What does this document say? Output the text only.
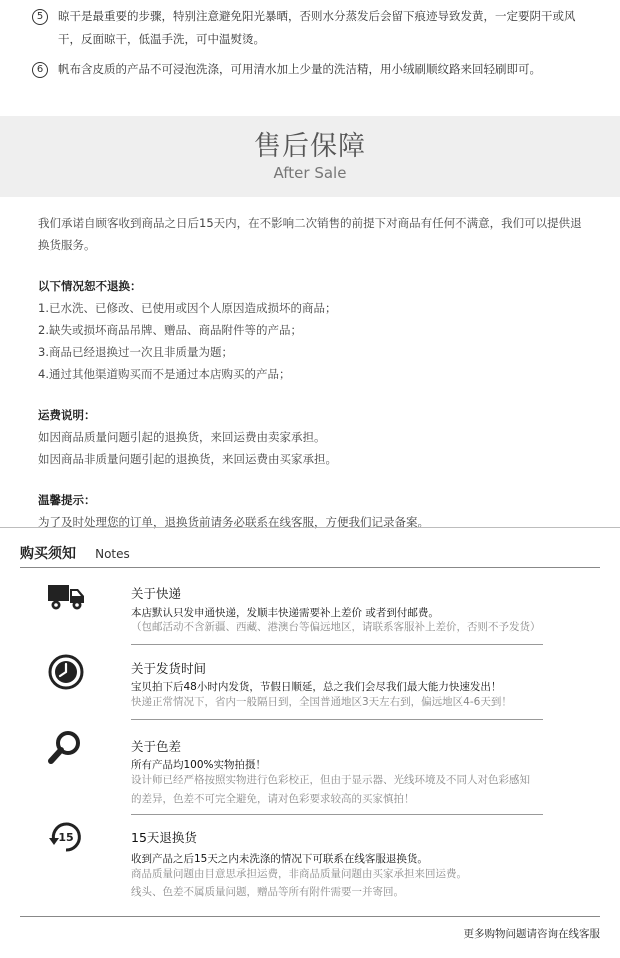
5	晾干是最重要的步骤，特别注意避免阳光暴晒，否则水分蒸发后会留下痕迹导致发黄，一定要阴干或风干，反面晾干，低温手洗，可中温熨烫。
6	帆布含皮质的产品不可浸泡洗涤，可用清水加上少量的洗洁精，用小绒刷顺纹路来回轻刷即可。
售后保障
After Sale

我们承诺自顾客收到商品之日后15天内，在不影响二次销售的前提下对商品有任何不满意，我们可以提供退换货服务。

以下情况恕不退换：

1.已水洗、已修改、已使用或因个人原因造成损坏的商品；

2.缺失或损坏商品吊牌、赠品、商品附件等的产品；

3.商品已经退换过一次且非质量为题；

4.通过其他渠道购买而不是通过本店购买的产品；

运费说明：

如因商品质量问题引起的退换货，来回运费由卖家承担。

如因商品非质量问题引起的退换货，来回运费由买家承担。

温馨提示：

为了及时处理您的订单，退换货前请务必联系在线客服，方便我们记录备案。

购买须知 Notes
关于快递
本店默认只发申通快递，发顺丰快递需要补上差价 或者到付邮费。
（包邮活动不含新疆、西藏、港澳台等偏远地区，请联系客服补上差价，否则不予发货）
关于发货时间
宝贝拍下后48小时内发货，节假日顺延，总之我们会尽我们最大能力快速发出！
快递正常情况下，省内一般隔日到，全国普通地区3天左右到，偏远地区4-6天到！
关于色差
所有产品均100%实物拍摄！
设计师已经严格按照实物进行色彩校正，但由于显示器、光线环境及不同人对色彩感知
的差异，色差不可完全避免，请对色彩要求较高的买家慎拍！
15	15天退换货
收到产品之后15天之内未洗涤的情况下可联系在线客服退换货。
商品质量问题由目意思承担运费，非商品质量问题由买家承担来回运费。
线头、色差不属质量问题，赠品等所有附件需要一并寄回。
更多购物问题请咨询在线客服
